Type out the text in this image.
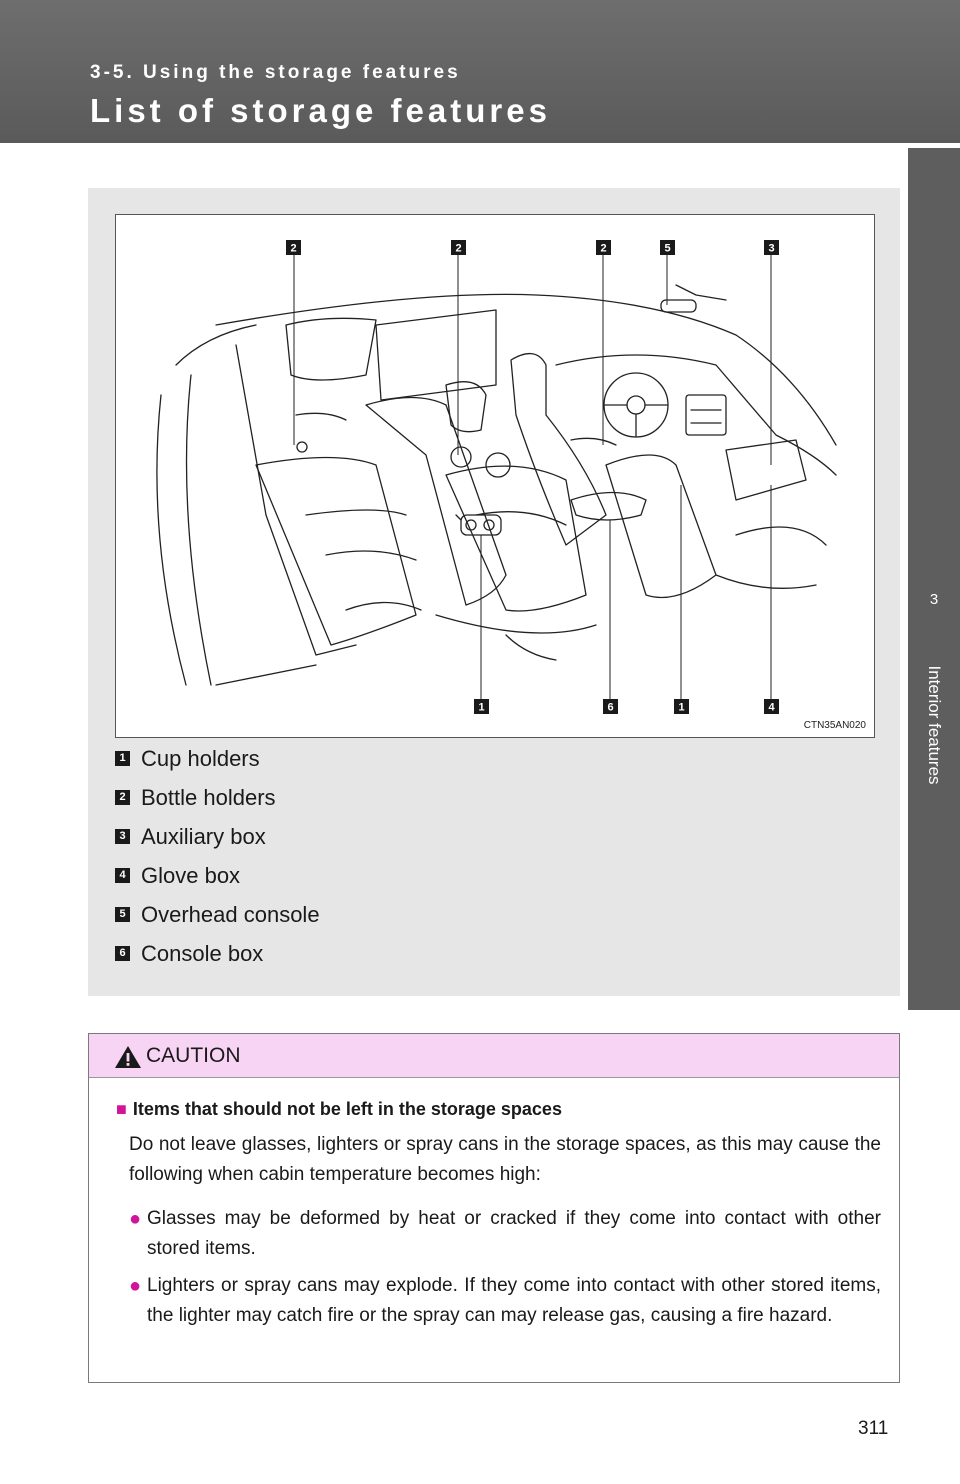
3-5. Using the storage features
List of storage features
3
Interior features
2	2	2	5	3
1	6	1	4
CTN35AN020
1 Cup holders
2 Bottle holders
3 Auxiliary box
4 Glove box
5 Overhead console
6 Console box
CAUTION
■ Items that should not be left in the storage spaces
Do not leave glasses, lighters or spray cans in the storage spaces, as this may cause the following when cabin temperature becomes high:
● Glasses may be deformed by heat or cracked if they come into contact with other stored items.
● Lighters or spray cans may explode. If they come into contact with other stored items, the lighter may catch fire or the spray can may release gas, causing a fire hazard.
311
